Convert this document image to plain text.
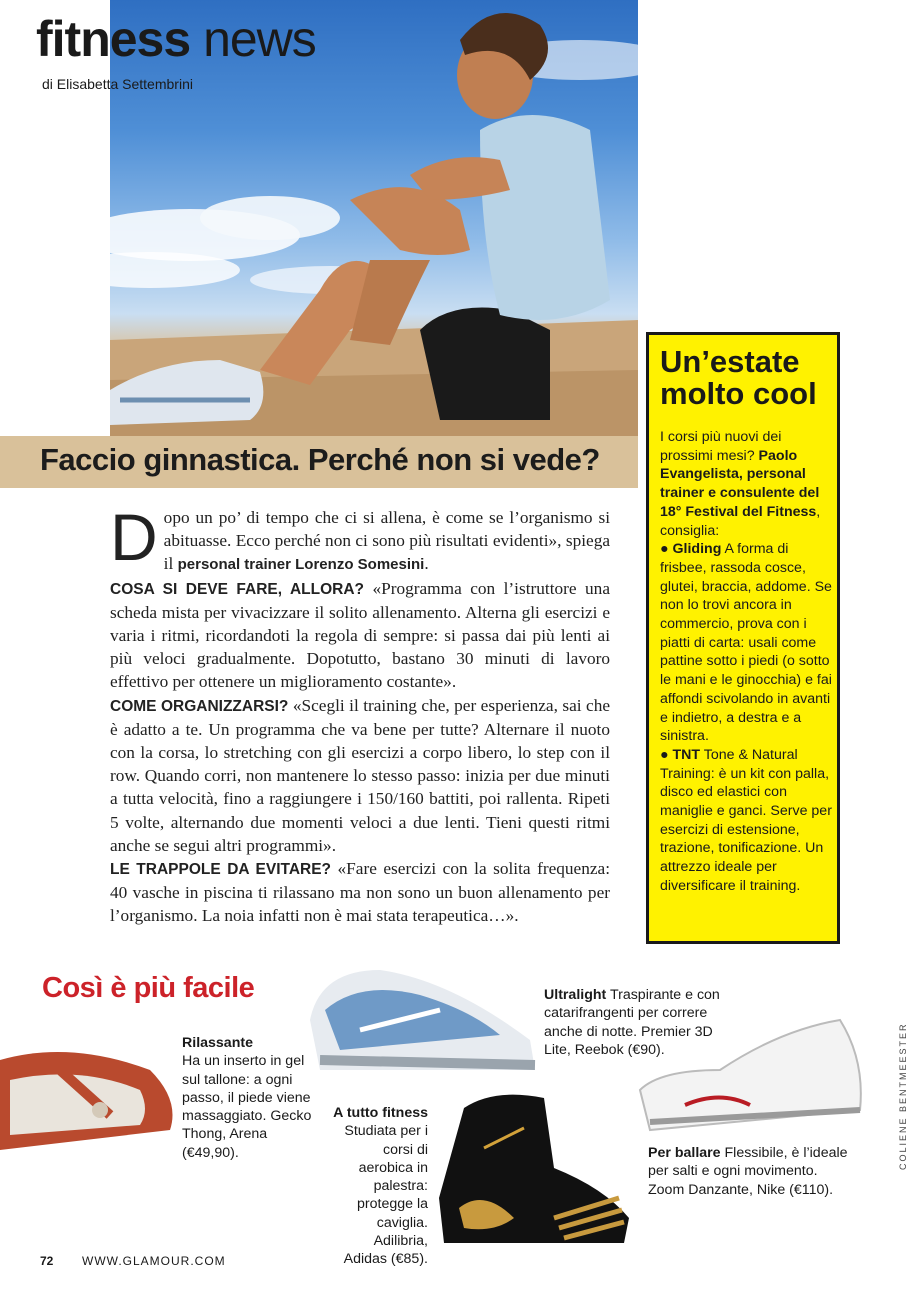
fitness news
di Elisabetta Settembrini
Faccio ginnastica. Perché non si vede?

Dopo un po’ di tempo che ci si allena, è come se l’organismo si abituasse. Ecco perché non ci sono più risultati evidenti», spiega il personal trainer Lorenzo Somesini.

COSA SI DEVE FARE, ALLORA? «Programma con l’istruttore una scheda mista per vivacizzare il solito allenamento. Alterna gli esercizi e varia i ritmi, ricordandoti la regola di sempre: si passa dai più lenti ai più veloci gradualmente. Dopotutto, bastano 30 minuti di lavoro effettivo per ottenere un miglioramento costante».

COME ORGANIZZARSI? «Scegli il training che, per esperienza, sai che è adatto a te. Un programma che va bene per tutte? Alternare il nuoto con la corsa, lo stretching con gli esercizi a corpo libero, lo step con il row. Quando corri, non mantenere lo stesso passo: inizia per due minuti a tutta velocità, fino a raggiungere i 150/160 battiti, poi rallenta. Ripeti 5 volte, alternando due momenti veloci a due lenti. Tieni questi ritmi anche se segui altri programmi».

LE TRAPPOLE DA EVITARE? «Fare esercizi con la solita frequenza: 40 vasche in piscina ti rilassano ma non sono un buon allenamento per l’organismo. La noia infatti non è mai stata terapeutica…».

Un’estate molto cool
I corsi più nuovi dei prossimi mesi? Paolo Evangelista, personal trainer e consulente del 18° Festival del Fitness, consiglia:
● Gliding A forma di frisbee, rassoda cosce, glutei, braccia, addome. Se non lo trovi ancora in commercio, prova con i piatti di carta: usali come pattine sotto i piedi (o sotto le mani e le ginocchia) e fai affondi scivolando in avanti e indietro, a destra e a sinistra.
● TNT Tone & Natural Training: è un kit con palla, disco ed elastici con maniglie e ganci. Serve per esercizi di estensione, trazione, tonificazione. Un attrezzo ideale per diversificare il training.
Così è più facile
Rilassante
Ha un inserto in gel sul tallone: a ogni passo, il piede viene massaggiato. Gecko Thong, Arena (€49,90).
Ultralight Traspirante e con catarifrangenti per correre anche di notte. Premier 3D Lite, Reebok (€90).
A tutto fitness
Studiata per i corsi di aerobica in palestra: protegge la caviglia. Adilibria, Adidas (€85).
Per ballare Flessibile, è l’ideale per salti e ogni movimento. Zoom Danzante, Nike (€110).
72 WWW.GLAMOUR.COM
COLIENE BENTMEESTER
